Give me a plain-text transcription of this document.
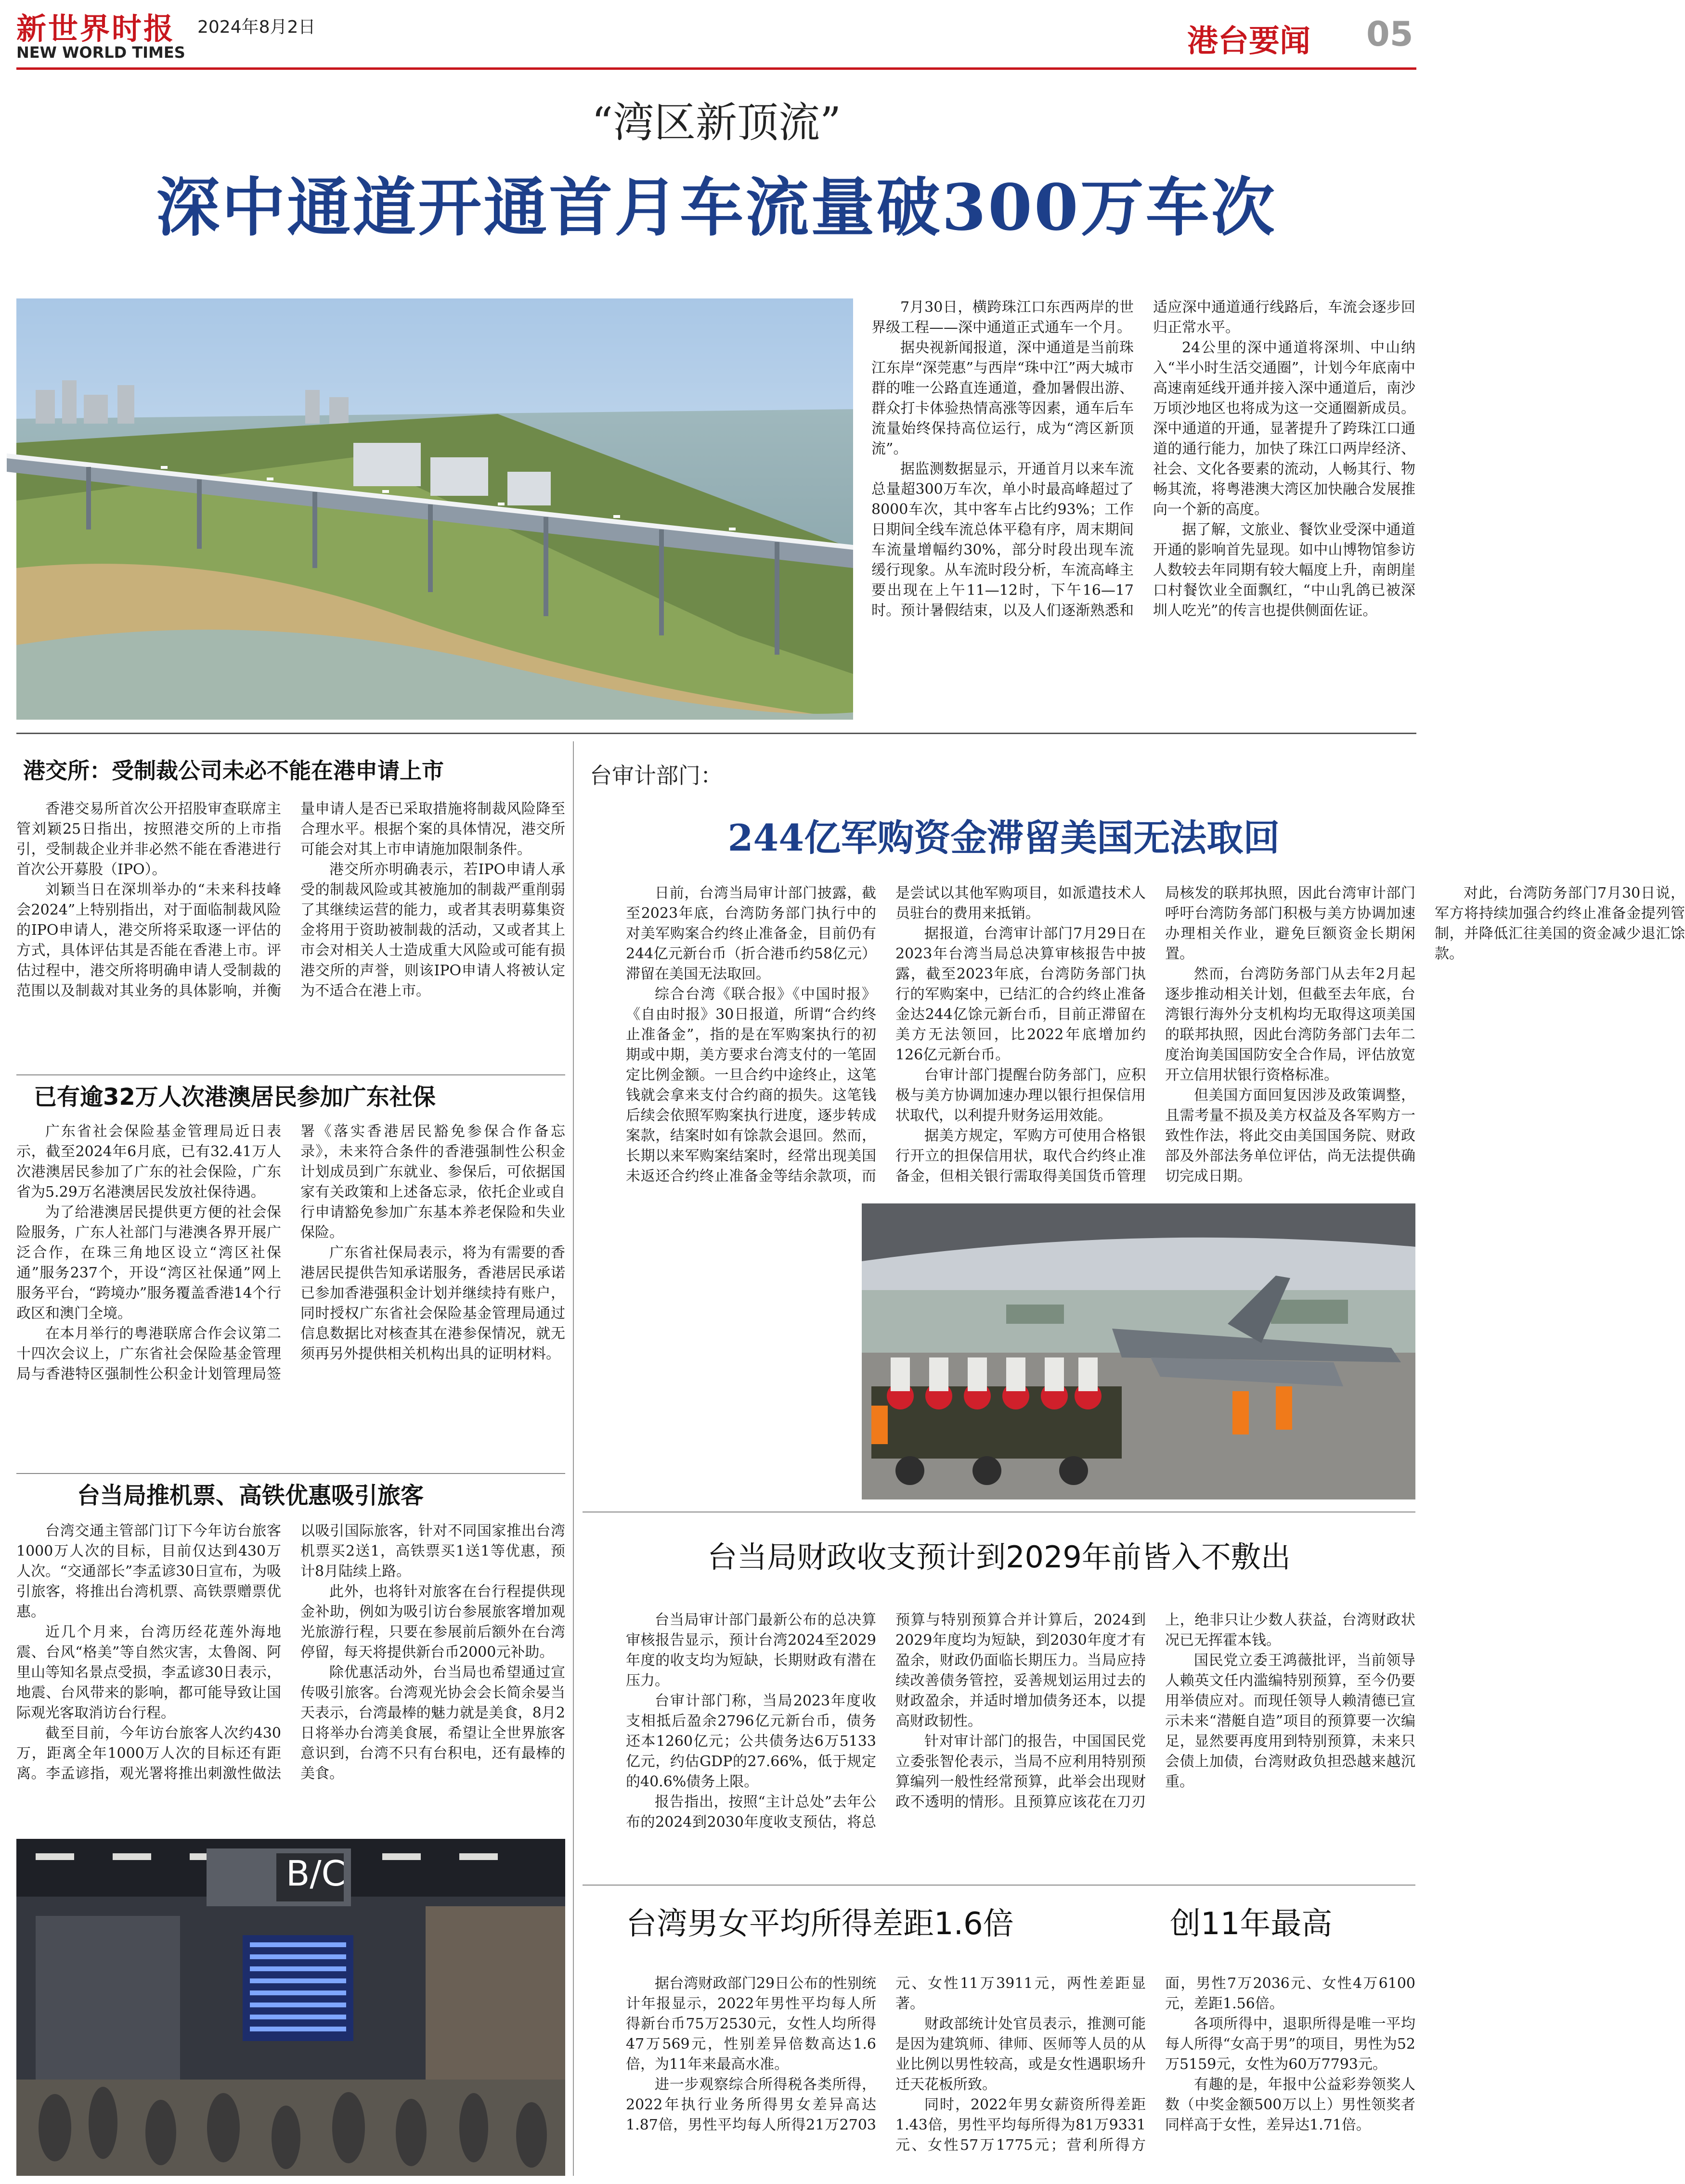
新世界时报 2024年8月2日
NEW WORLD TIMES	港台要闻 05
“湾区新顶流”
深中通道开通首月车流量破300万车次

7月30日，横跨珠江口东西两岸的世界级工程——深中通道正式通车一个月。

据央视新闻报道，深中通道是当前珠江东岸“深莞惠”与西岸“珠中江”两大城市群的唯一公路直连通道，叠加暑假出游、群众打卡体验热情高涨等因素，通车后车流量始终保持高位运行，成为“湾区新顶流”。

据监测数据显示，开通首月以来车流总量超300万车次，单小时最高峰超过了8000车次，其中客车占比约93%；工作日期间全线车流总体平稳有序，周末期间车流量增幅约30%，部分时段出现车流缓行现象。从车流时段分析，车流高峰主要出现在上午11—12时，下午16—17时。预计暑假结束，以及人们逐渐熟悉和适应深中通道通行线路后，车流会逐步回归正常水平。

24公里的深中通道将深圳、中山纳入“半小时生活交通圈”，计划今年底南中高速南延线开通并接入深中通道后，南沙万顷沙地区也将成为这一交通圈新成员。深中通道的开通，显著提升了跨珠江口通道的通行能力，加快了珠江口两岸经济、社会、文化各要素的流动，人畅其行、物畅其流，将粤港澳大湾区加快融合发展推向一个新的高度。

据了解，文旅业、餐饮业受深中通道开通的影响首先显现。如中山博物馆参访人数较去年同期有较大幅度上升，南朗崖口村餐饮业全面飘红，“中山乳鸽已被深圳人吃光”的传言也提供侧面佐证。

港交所：受制裁公司未必不能在港申请上市

香港交易所首次公开招股审查联席主管刘颖25日指出，按照港交所的上市指引，受制裁企业并非必然不能在香港进行首次公开募股（IPO）。

刘颖当日在深圳举办的“未来科技峰会2024”上特别指出，对于面临制裁风险的IPO申请人，港交所将采取逐一评估的方式，具体评估其是否能在香港上市。评估过程中，港交所将明确申请人受制裁的范围以及制裁对其业务的具体影响，并衡量申请人是否已采取措施将制裁风险降至合理水平。根据个案的具体情况，港交所可能会对其上市申请施加限制条件。

港交所亦明确表示，若IPO申请人承受的制裁风险或其被施加的制裁严重削弱了其继续运营的能力，或者其表明募集资金将用于资助被制裁的活动，又或者其上市会对相关人士造成重大风险或可能有损港交所的声誉，则该IPO申请人将被认定为不适合在港上市。

已有逾32万人次港澳居民参加广东社保

广东省社会保险基金管理局近日表示，截至2024年6月底，已有32.41万人次港澳居民参加了广东的社会保险，广东省为5.29万名港澳居民发放社保待遇。

为了给港澳居民提供更方便的社会保险服务，广东人社部门与港澳各界开展广泛合作，在珠三角地区设立“湾区社保通”服务237个，开设“湾区社保通”网上服务平台，“跨境办”服务覆盖香港14个行政区和澳门全境。

在本月举行的粤港联席合作会议第二十四次会议上，广东省社会保险基金管理局与香港特区强制性公积金计划管理局签署《落实香港居民豁免参保合作备忘录》，未来符合条件的香港强制性公积金计划成员到广东就业、参保后，可依据国家有关政策和上述备忘录，依托企业或自行申请豁免参加广东基本养老保险和失业保险。

广东省社保局表示，将为有需要的香港居民提供告知承诺服务，香港居民承诺已参加香港强积金计划并继续持有账户，同时授权广东省社会保险基金管理局通过信息数据比对核查其在港参保情况，就无须再另外提供相关机构出具的证明材料。

台当局推机票、高铁优惠吸引旅客

台湾交通主管部门订下今年访台旅客1000万人次的目标，目前仅达到430万人次。“交通部长”李孟谚30日宣布，为吸引旅客，将推出台湾机票、高铁票赠票优惠。

近几个月来，台湾历经花莲外海地震、台风“格美”等自然灾害，太鲁阁、阿里山等知名景点受损，李孟谚30日表示，地震、台风带来的影响，都可能导致让国际观光客取消访台行程。

截至目前，今年访台旅客人次约430万，距离全年1000万人次的目标还有距离。李孟谚指，观光署将推出刺激性做法以吸引国际旅客，针对不同国家推出台湾机票买2送1，高铁票买1送1等优惠，预计8月陆续上路。

此外，也将针对旅客在台行程提供现金补助，例如为吸引访台参展旅客增加观光旅游行程，只要在参展前后额外在台湾停留，每天将提供新台币2000元补助。

除优惠活动外，台当局也希望通过宣传吸引旅客。台湾观光协会会长简余晏当天表示，台湾最棒的魅力就是美食，8月2日将举办台湾美食展，希望让全世界旅客意识到，台湾不只有台积电，还有最棒的美食。

B/C
台审计部门：
244亿军购资金滞留美国无法取回

日前，台湾当局审计部门披露，截至2023年底，台湾防务部门执行中的对美军购案合约终止准备金，目前仍有244亿元新台币（折合港币约58亿元）滞留在美国无法取回。

综合台湾《联合报》《中国时报》《自由时报》30日报道，所谓“合约终止准备金”，指的是在军购案执行的初期或中期，美方要求台湾支付的一笔固定比例金额。一旦合约中途终止，这笔钱就会拿来支付合约商的损失。这笔钱后续会依照军购案执行进度，逐步转成案款，结案时如有馀款会退回。然而，长期以来军购案结案时，经常出现美国未返还合约终止准备金等结余款项，而是尝试以其他军购项目，如派遣技术人员驻台的费用来抵销。

据报道，台湾审计部门7月29日在2023年台湾当局总决算审核报告中披露，截至2023年底，台湾防务部门执行的军购案中，已结汇的合约终止准备金达244亿馀元新台币，目前正滞留在美方无法领回，比2022年底增加约126亿元新台币。

台审计部门提醒台防务部门，应积极与美方协调加速办理以银行担保信用状取代，以利提升财务运用效能。

据美方规定，军购方可使用合格银行开立的担保信用状，取代合约终止准备金，但相关银行需取得美国货币管理局核发的联邦执照，因此台湾审计部门呼吁台湾防务部门积极与美方协调加速办理相关作业，避免巨额资金长期闲置。

然而，台湾防务部门从去年2月起逐步推动相关计划，但截至去年底，台湾银行海外分支机构均无取得这项美国的联邦执照，因此台湾防务部门去年二度治询美国国防安全合作局，评估放宽开立信用状银行资格标准。

但美国方面回复因涉及政策调整，且需考量不损及美方权益及各军购方一致性作法，将此交由美国国务院、财政部及外部法务单位评估，尚无法提供确切完成日期。

对此，台湾防务部门7月30日说，军方将持续加强合约终止准备金提列管制，并降低汇往美国的资金减少退汇馀款。

台当局财政收支预计到2029年前皆入不敷出

台当局审计部门最新公布的总决算审核报告显示，预计台湾2024至2029年度的收支均为短缺，长期财政有潜在压力。

台审计部门称，当局2023年度收支相抵后盈余2796亿元新台币，债务还本1260亿元；公共债务达6万5133亿元，约估GDP的27.66%，低于规定的40.6%债务上限。

报告指出，按照“主计总处”去年公布的2024到2030年度收支预估，将总预算与特别预算合并计算后，2024到2029年度均为短缺，到2030年度才有盈余，财政仍面临长期压力。当局应持续改善债务管控，妥善规划运用过去的财政盈余，并适时增加债务还本，以提高财政韧性。

针对审计部门的报告，中国国民党立委张智伦表示，当局不应利用特别预算编列一般性经常预算，此举会出现财政不透明的情形。且预算应该花在刀刃上，绝非只让少数人获益，台湾财政状况已无挥霍本钱。

国民党立委王鸿薇批评，当前领导人赖英文任内滥编特别预算，至今仍要用举债应对。而现任领导人赖清德已宣示未来“潜艇自造”项目的预算要一次编足，显然要再度用到特别预算，未来只会债上加债，台湾财政负担恐越来越沉重。

台湾男女平均所得差距1.6倍	创11年最高

据台湾财政部门29日公布的性别统计年报显示，2022年男性平均每人所得新台币75万2530元，女性人均所得47万569元，性别差异倍数高达1.6倍，为11年来最高水准。

进一步观察综合所得税各类所得，2022年执行业务所得男女差异高达1.87倍，男性平均每人所得21万2703元、女性11万3911元，两性差距显著。

财政部统计处官员表示，推测可能是因为建筑师、律师、医师等人员的从业比例以男性较高，或是女性遇职场升迁天花板所致。

同时，2022年男女薪资所得差距1.43倍，男性平均每所得为81万9331元、女性57万1775元；营利所得方面，男性7万2036元、女性4万6100元，差距1.56倍。

各项所得中，退职所得是唯一平均每人所得“女高于男”的项目，男性为52万5159元，女性为60万7793元。

有趣的是，年报中公益彩券领奖人数（中奖金额500万以上）男性领奖者同样高于女性，差异达1.71倍。
